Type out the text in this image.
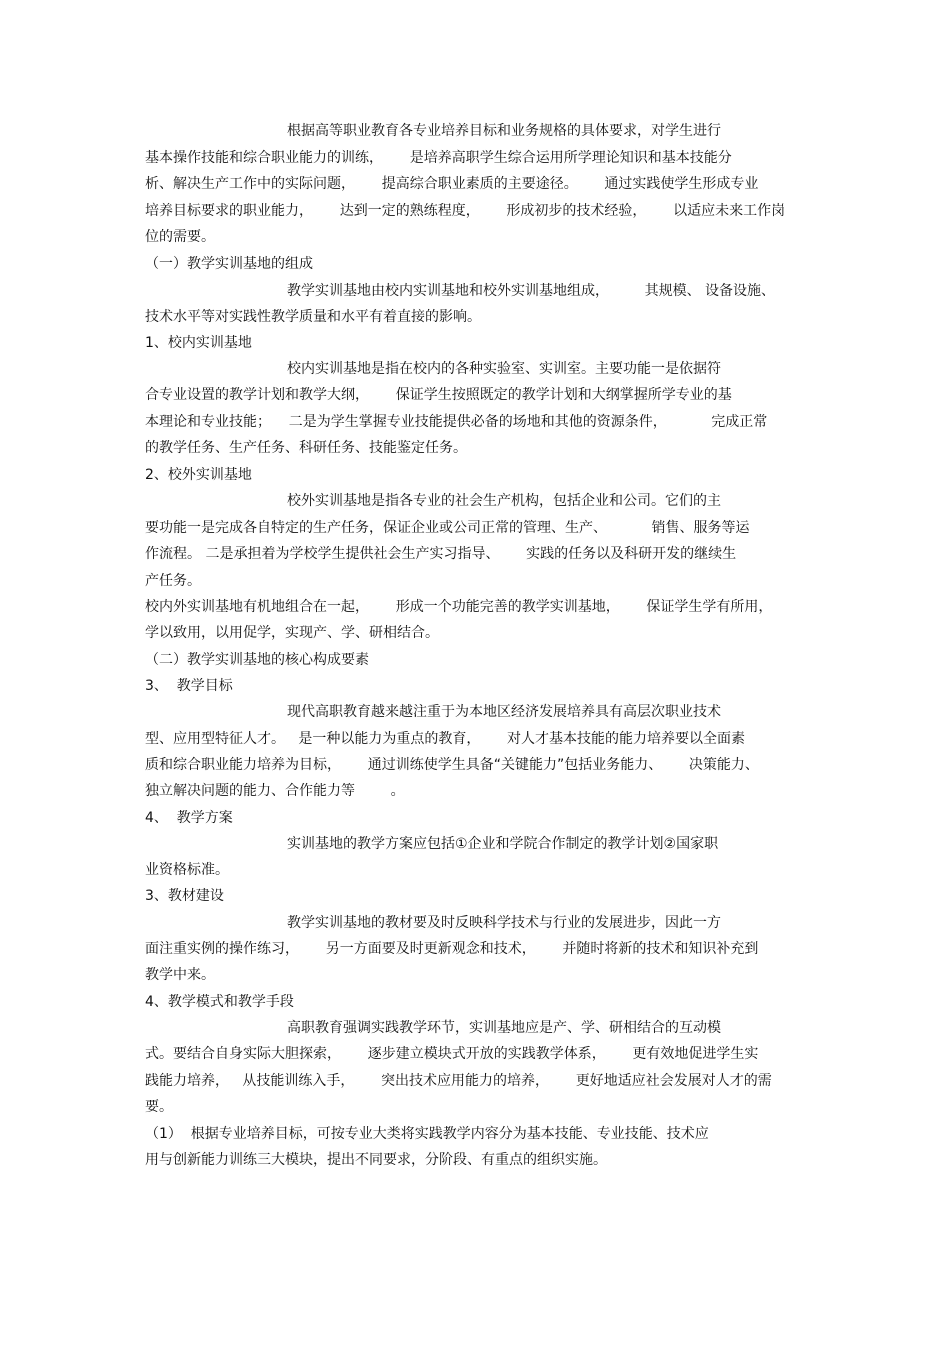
根据高等职业教育各专业培养目标和业务规格的具体要求，对学生进行
基本操作技能和综合职业能力的训练，      是培养高职学生综合运用所学理论知识和基本技能分
析、解决生产工作中的实际问题，      提高综合职业素质的主要途径。      通过实践使学生形成专业
培养目标要求的职业能力，      达到一定的熟练程度，      形成初步的技术经验，      以适应未来工作岗
位的需要。
（一）教学实训基地的组成
教学实训基地由校内实训基地和校外实训基地组成，        其规模、 设备设施、
技术水平等对实践性教学质量和水平有着直接的影响。
1、校内实训基地
校内实训基地是指在校内的各种实验室、实训室。主要功能一是依据符
合专业设置的教学计划和教学大纲，      保证学生按照既定的教学计划和大纲掌握所学专业的基
本理论和专业技能；    二是为学生掌握专业技能提供必备的场地和其他的资源条件，          完成正常
的教学任务、生产任务、科研任务、技能鉴定任务。
2、校外实训基地
校外实训基地是指各专业的社会生产机构，包括企业和公司。它们的主
要功能一是完成各自特定的生产任务，保证企业或公司正常的管理、生产、          销售、服务等运
作流程。 二是承担着为学校学生提供社会生产实习指导、      实践的任务以及科研开发的继续生
产任务。
校内外实训基地有机地组合在一起，      形成一个功能完善的教学实训基地，      保证学生学有所用，
学以致用，以用促学，实现产、学、研相结合。
（二）教学实训基地的核心构成要素
3、  教学目标
现代高职教育越来越注重于为本地区经济发展培养具有高层次职业技术
型、应用型特征人才。   是一种以能力为重点的教育，      对人才基本技能的能力培养要以全面素
质和综合职业能力培养为目标，      通过训练使学生具备“关键能力”包括业务能力、      决策能力、
独立解决问题的能力、合作能力等        。
4、  教学方案
实训基地的教学方案应包括①企业和学院合作制定的教学计划②国家职
业资格标准。
3、教材建设
教学实训基地的教材要及时反映科学技术与行业的发展进步，因此一方
面注重实例的操作练习，      另一方面要及时更新观念和技术，      并随时将新的技术和知识补充到
教学中来。
4、教学模式和教学手段
高职教育强调实践教学环节，实训基地应是产、学、研相结合的互动模
式。要结合自身实际大胆探索，      逐步建立模块式开放的实践教学体系，      更有效地促进学生实
践能力培养，   从技能训练入手，      突出技术应用能力的培养，      更好地适应社会发展对人才的需
要。
（1）  根据专业培养目标，可按专业大类将实践教学内容分为基本技能、专业技能、技术应
用与创新能力训练三大模块，提出不同要求，分阶段、有重点的组织实施。
